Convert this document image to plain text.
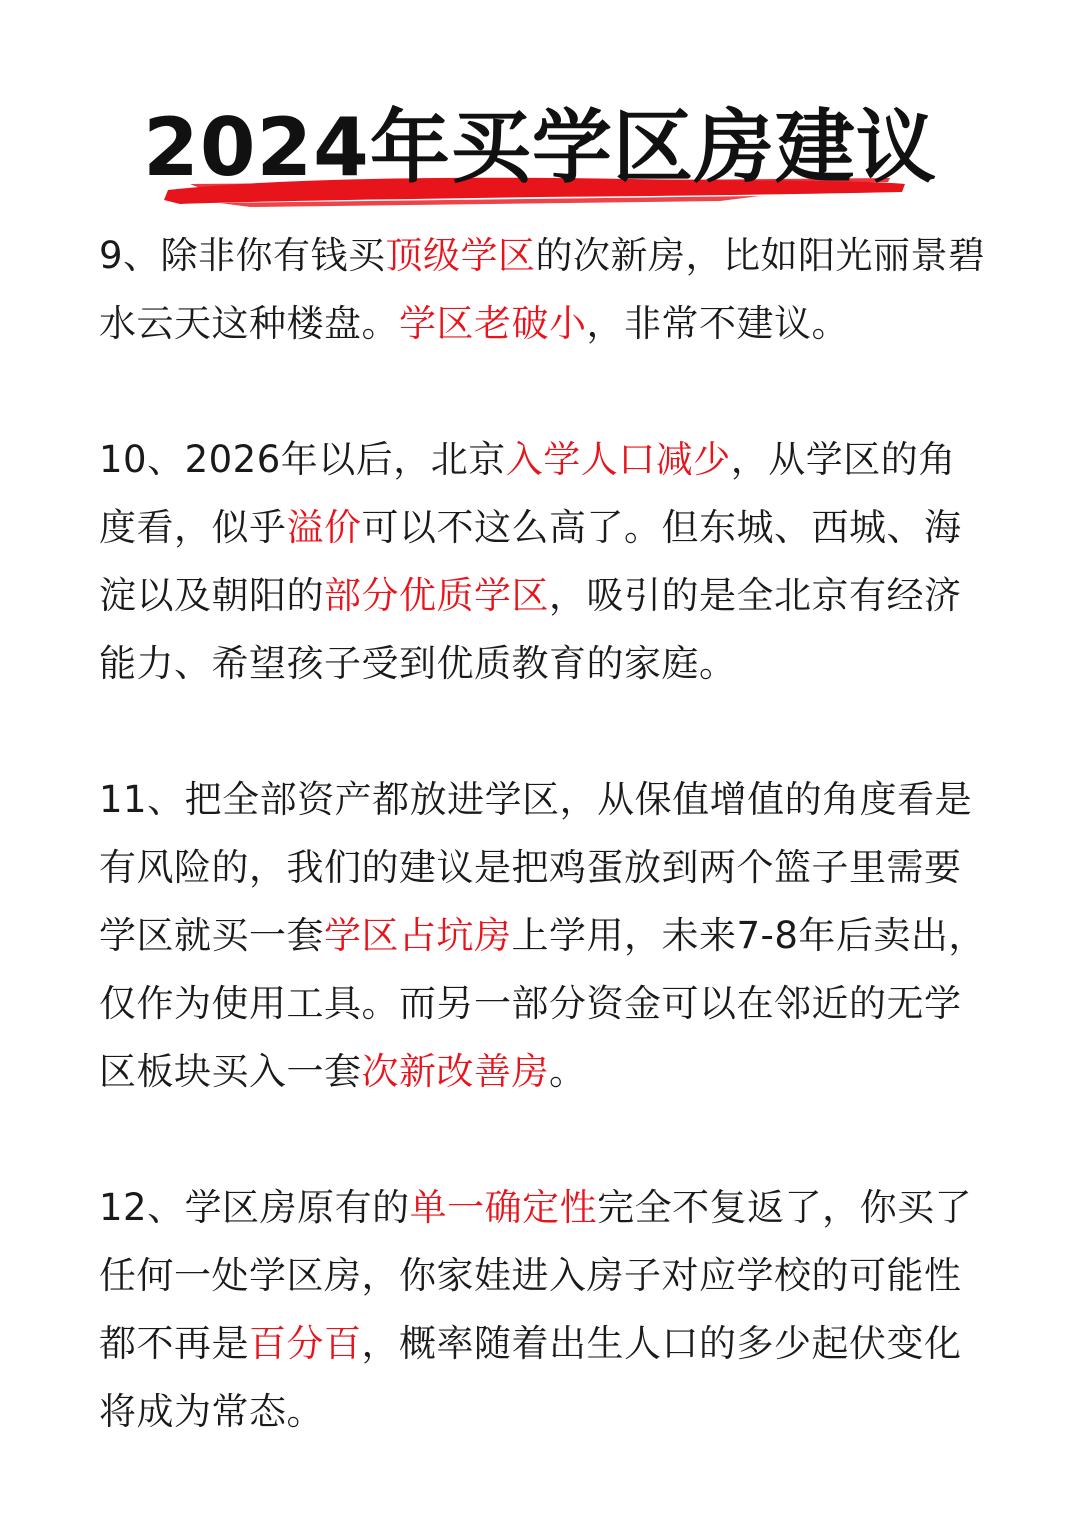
2024年买学区房建议

9、除非你有钱买顶级学区的次新房，比如阳光丽景碧水云天这种楼盘。学区老破小，非常不建议。

10、2026年以后，北京入学人口减少，从学区的角度看，似乎溢价可以不这么高了。但东城、西城、海淀以及朝阳的部分优质学区，吸引的是全北京有经济能力、希望孩子受到优质教育的家庭。

11、把全部资产都放进学区，从保值增值的角度看是有风险的，我们的建议是把鸡蛋放到两个篮子里需要学区就买一套学区占坑房上学用，未来7-8年后卖出，仅作为使用工具。而另一部分资金可以在邻近的无学区板块买入一套次新改善房。

12、学区房原有的单一确定性完全不复返了，你买了任何一处学区房，你家娃进入房子对应学校的可能性都不再是百分百，概率随着出生人口的多少起伏变化将成为常态。
